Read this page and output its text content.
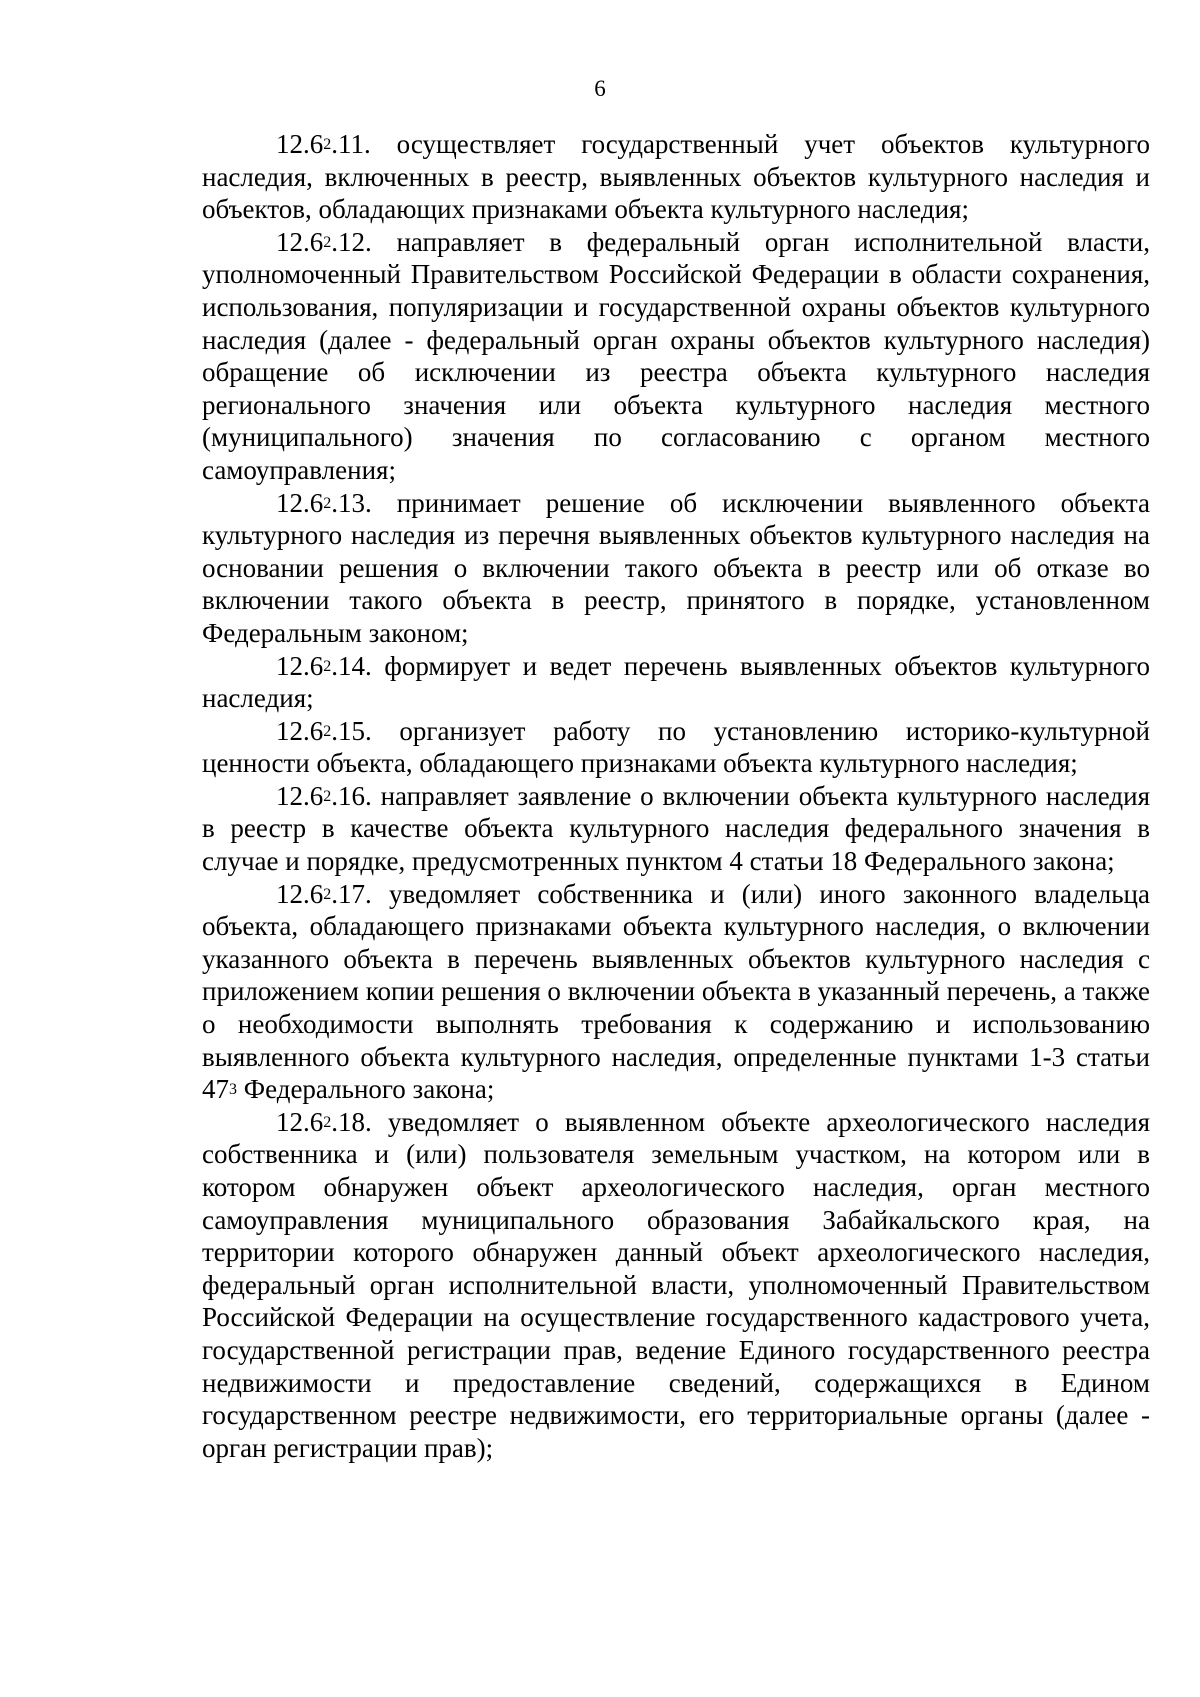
6

12.6$^2$.11. осуществляет государственный учет объектов культурного наследия, включенных в реестр, выявленных объектов культурного наследия и объектов, обладающих признаками объекта культурного наследия;

12.6$^2$.12. направляет в федеральный орган исполнительной власти, уполномоченный Правительством Российской Федерации в области сохранения, использования, популяризации и государственной охраны объектов культурного наследия (далее - федеральный орган охраны объектов культурного наследия) обращение об исключении из реестра объекта культурного наследия регионального значения или объекта культурного наследия местного (муниципального) значения по согласованию с органом местного самоуправления;

12.6$^2$.13. принимает решение об исключении выявленного объекта культурного наследия из перечня выявленных объектов культурного наследия на основании решения о включении такого объекта в реестр или об отказе во включении такого объекта в реестр, принятого в порядке, установленном Федеральным законом;

12.6$^2$.14. формирует и ведет перечень выявленных объектов культурного наследия;

12.6$^2$.15. организует работу по установлению историко-культурной ценности объекта, обладающего признаками объекта культурного наследия;

12.6$^2$.16. направляет заявление о включении объекта культурного наследия в реестр в качестве объекта культурного наследия федерального значения в случае и порядке, предусмотренных пунктом 4 статьи 18 Федерального закона;

12.6$^2$.17. уведомляет собственника и (или) иного законного владельца объекта, обладающего признаками объекта культурного наследия, о включении указанного объекта в перечень выявленных объектов культурного наследия с приложением копии решения о включении объекта в указанный перечень, а также о необходимости выполнять требования к содержанию и использованию выявленного объекта культурного наследия, определенные пунктами 1-3 статьи $47^3$ Федерального закона;

12.6$^2$.18. уведомляет о выявленном объекте археологического наследия собственника и (или) пользователя земельным участком, на котором или в котором обнаружен объект археологического наследия, орган местного самоуправления муниципального образования Забайкальского края, на территории которого обнаружен данный объект археологического наследия, федеральный орган исполнительной власти, уполномоченный Правительством Российской Федерации на осуществление государственного кадастрового учета, государственной регистрации прав, ведение Единого государственного реестра недвижимости и предоставление сведений, содержащихся в Едином государственном реестре недвижимости, его территориальные органы (далее - орган регистрации прав);
